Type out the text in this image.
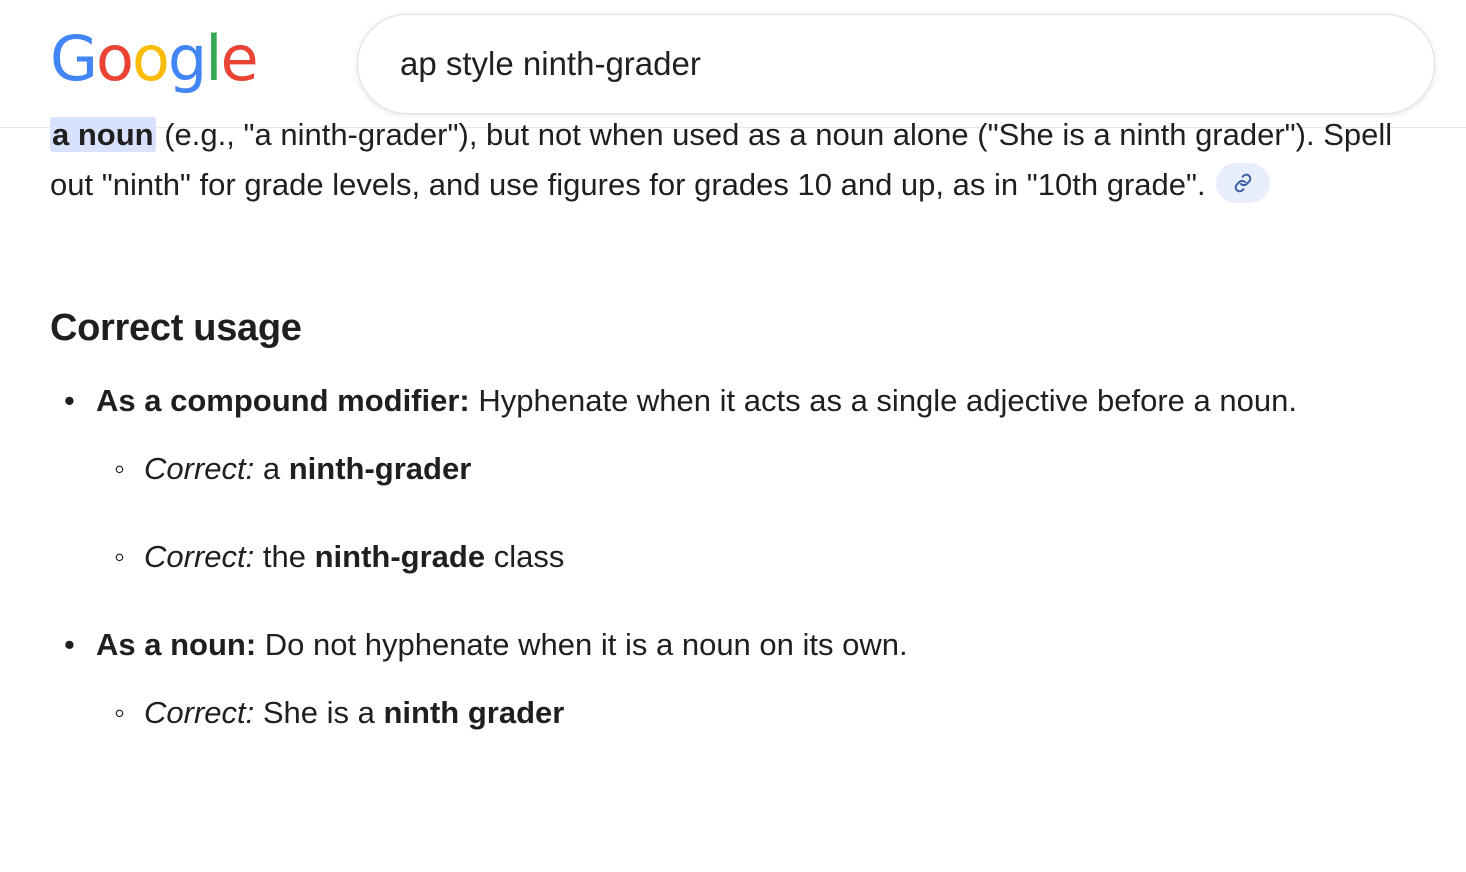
Google
ap style ninth-grader

a noun (e.g., "a ninth-grader"), but not when used as a noun alone ("She is a ninth grader"). Spell out "ninth" for grade levels, and use figures for grades 10 and up, as in "10th grade".

Correct usage
• As a compound modifier: Hyphenate when it acts as a single adjective before a noun.
◦ Correct: a ninth-grader
◦ Correct: the ninth-grade class
• As a noun: Do not hyphenate when it is a noun on its own.
◦ Correct: She is a ninth grader
